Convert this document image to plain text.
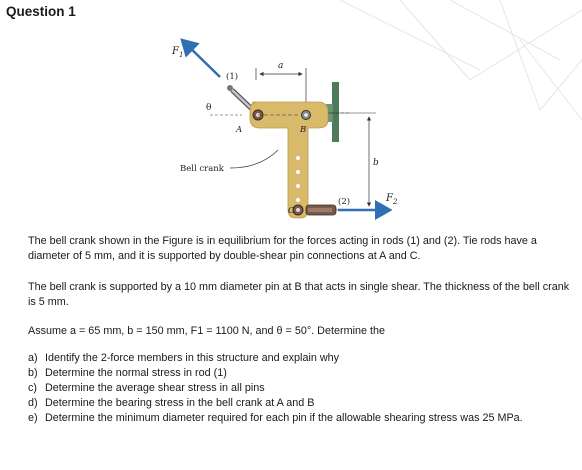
Question 1
$F_1$
(1)
a
A
θ
B
b
Bell crank
C
(2)	$F_2$
The bell crank shown in the Figure is in equilibrium for the forces acting in rods (1) and (2). Tie rods have a diameter of 5 mm, and it is supported by double-shear pin connections at A and C.
The bell crank is supported by a 10 mm diameter pin at B that acts in single shear. The thickness of the bell crank is 5 mm.
Assume a = 65 mm, b = 150 mm, F1 = 1100 N, and θ = 50°. Determine the
a) Identify the 2-force members in this structure and explain why
b) Determine the normal stress in rod (1)
c) Determine the average shear stress in all pins
d) Determine the bearing stress in the bell crank at A and B
e) Determine the minimum diameter required for each pin if the allowable shearing stress was 25 MPa.
